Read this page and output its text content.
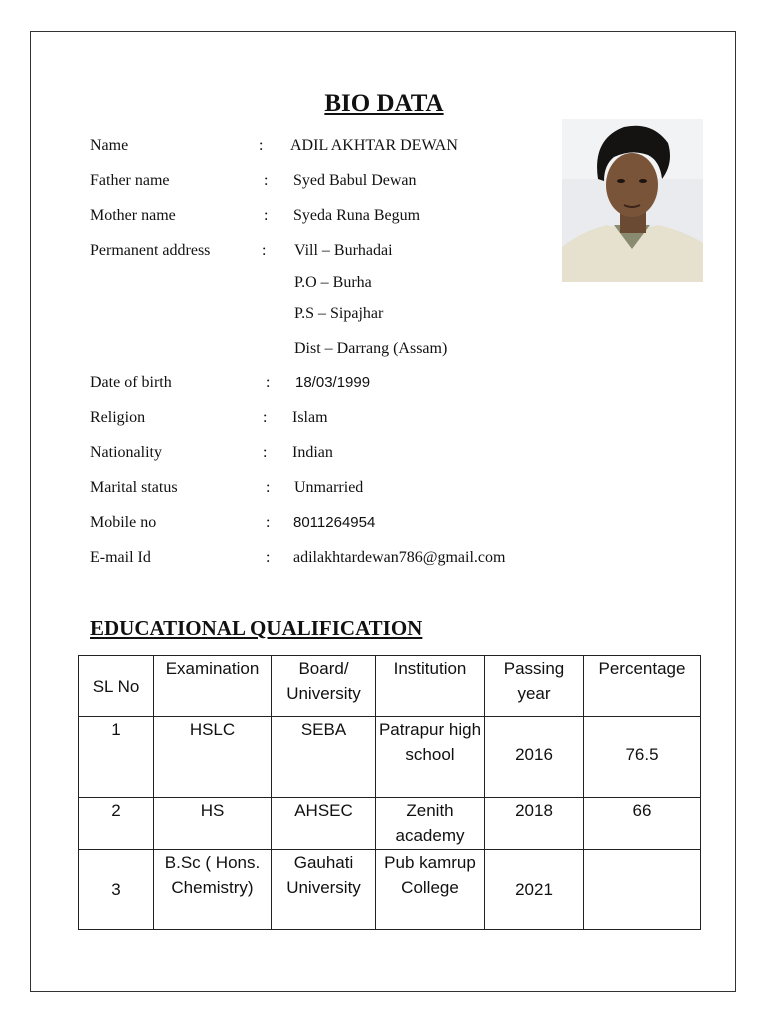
BIO DATA
Name	: ADIL AKHTAR DEWAN
Father name	: Syed Babul Dewan
Mother name	: Syeda Runa Begum
Permanent address	: Vill – Burhadai
P.O – Burha
P.S – Sipajhar
Dist – Darrang (Assam)
Date of birth	: 18/03/1999
Religion	: Islam
Nationality	: Indian
Marital status	: Unmarried
Mobile no	: 8011264954
E-mail Id	: adilakhtardewan786@gmail.com
EDUCATIONAL QUALIFICATION
SL No	Examination	Board/ University	Institution	Passing year	Percentage
1	HSLC	SEBA	Patrapur high school	2016	76.5
2	HS	AHSEC	Zenith academy	2018	66
3	B.Sc ( Hons. Chemistry)	Gauhati University	Pub kamrup College	2021	
